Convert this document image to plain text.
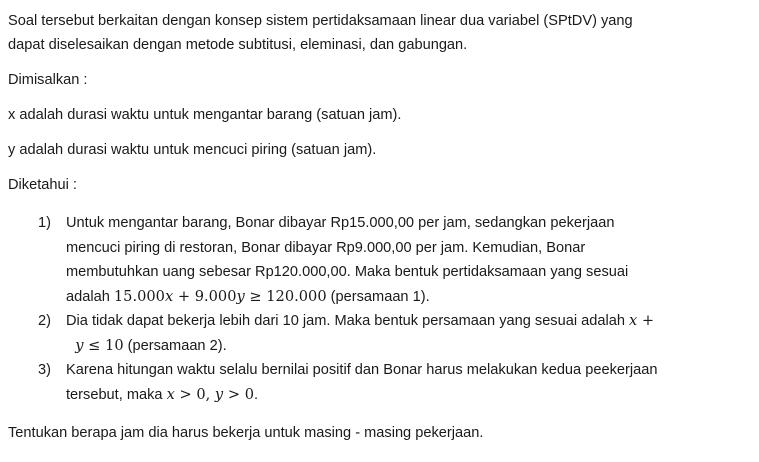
Soal tersebut berkaitan dengan konsep sistem pertidaksamaan linear dua variabel (SPtDV) yang

dapat diselesaikan dengan metode subtitusi, eleminasi, dan gabungan.

Dimisalkan :

x adalah durasi waktu untuk mengantar barang (satuan jam).

y adalah durasi waktu untuk mencuci piring (satuan jam).

Diketahui :

1) Untuk mengantar barang, Bonar dibayar Rp15.000,00 per jam, sedangkan pekerjaan

mencuci piring di restoran, Bonar dibayar Rp9.000,00 per jam. Kemudian, Bonar

membutuhkan uang sebesar Rp120.000,00. Maka bentuk pertidaksamaan yang sesuai

adalah 15.000x + 9.000y ≥ 120.000 (persamaan 1).

2) Dia tidak dapat bekerja lebih dari 10 jam. Maka bentuk persamaan yang sesuai adalah x +

y ≤ 10 (persamaan 2).

3) Karena hitungan waktu selalu bernilai positif dan Bonar harus melakukan kedua peekerjaan

tersebut, maka x > 0, y > 0.

Tentukan berapa jam dia harus bekerja untuk masing - masing pekerjaan.
